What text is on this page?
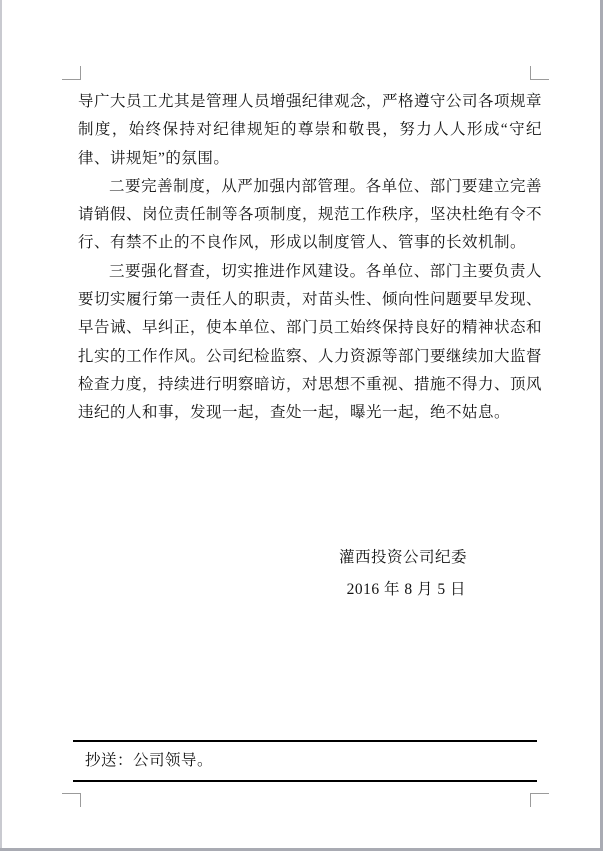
导广大员工尤其是管理人员增强纪律观念，严格遵守公司各项规章制度，始终保持对纪律规矩的尊崇和敬畏，努力人人形成“守纪律、讲规矩”的氛围。

二要完善制度，从严加强内部管理。各单位、部门要建立完善请销假、岗位责任制等各项制度，规范工作秩序，坚决杜绝有令不行、有禁不止的不良作风，形成以制度管人、管事的长效机制。

三要强化督查，切实推进作风建设。各单位、部门主要负责人要切实履行第一责任人的职责，对苗头性、倾向性问题要早发现、早告诫、早纠正，使本单位、部门员工始终保持良好的精神状态和扎实的工作作风。公司纪检监察、人力资源等部门要继续加大监督检查力度，持续进行明察暗访，对思想不重视、措施不得力、顶风违纪的人和事，发现一起，查处一起，曝光一起，绝不姑息。

灌西投资公司纪委
2016 年 8 月 5 日
抄送：公司领导。
